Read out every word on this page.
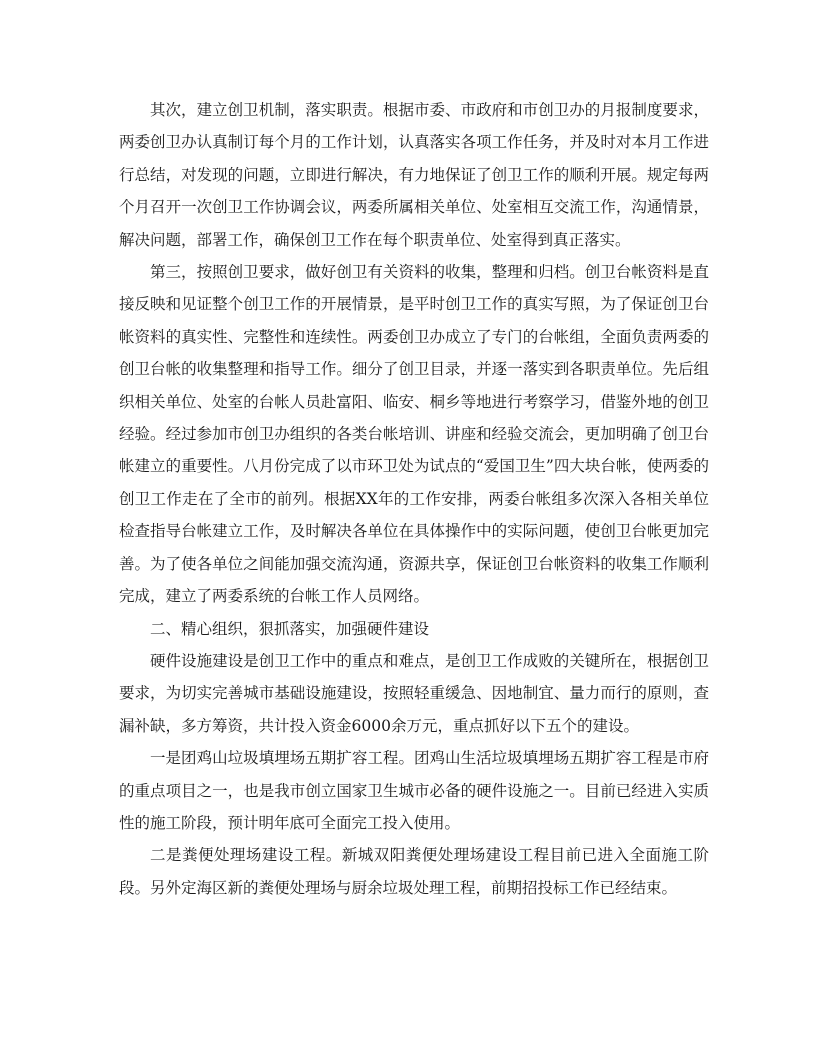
其次，建立创卫机制，落实职责。根据市委、市政府和市创卫办的月报制度要求，两委创卫办认真制订每个月的工作计划，认真落实各项工作任务，并及时对本月工作进行总结，对发现的问题，立即进行解决，有力地保证了创卫工作的顺利开展。规定每两个月召开一次创卫工作协调会议，两委所属相关单位、处室相互交流工作，沟通情景，解决问题，部署工作，确保创卫工作在每个职责单位、处室得到真正落实。

第三，按照创卫要求，做好创卫有关资料的收集，整理和归档。创卫台帐资料是直接反映和见证整个创卫工作的开展情景，是平时创卫工作的真实写照，为了保证创卫台帐资料的真实性、完整性和连续性。两委创卫办成立了专门的台帐组，全面负责两委的创卫台帐的收集整理和指导工作。细分了创卫目录，并逐一落实到各职责单位。先后组织相关单位、处室的台帐人员赴富阳、临安、桐乡等地进行考察学习，借鉴外地的创卫经验。经过参加市创卫办组织的各类台帐培训、讲座和经验交流会，更加明确了创卫台帐建立的重要性。八月份完成了以市环卫处为试点的“爱国卫生”四大块台帐，使两委的创卫工作走在了全市的前列。根据XX年的工作安排，两委台帐组多次深入各相关单位检查指导台帐建立工作，及时解决各单位在具体操作中的实际问题，使创卫台帐更加完善。为了使各单位之间能加强交流沟通，资源共享，保证创卫台帐资料的收集工作顺利完成，建立了两委系统的台帐工作人员网络。

二、精心组织，狠抓落实，加强硬件建设

硬件设施建设是创卫工作中的重点和难点，是创卫工作成败的关键所在，根据创卫要求，为切实完善城市基础设施建设，按照轻重缓急、因地制宜、量力而行的原则，查漏补缺，多方筹资，共计投入资金6000余万元，重点抓好以下五个的建设。

一是团鸡山垃圾填埋场五期扩容工程。团鸡山生活垃圾填埋场五期扩容工程是市府的重点项目之一，也是我市创立国家卫生城市必备的硬件设施之一。目前已经进入实质性的施工阶段，预计明年底可全面完工投入使用。

二是粪便处理场建设工程。新城双阳粪便处理场建设工程目前已进入全面施工阶段。另外定海区新的粪便处理场与厨余垃圾处理工程，前期招投标工作已经结束。
